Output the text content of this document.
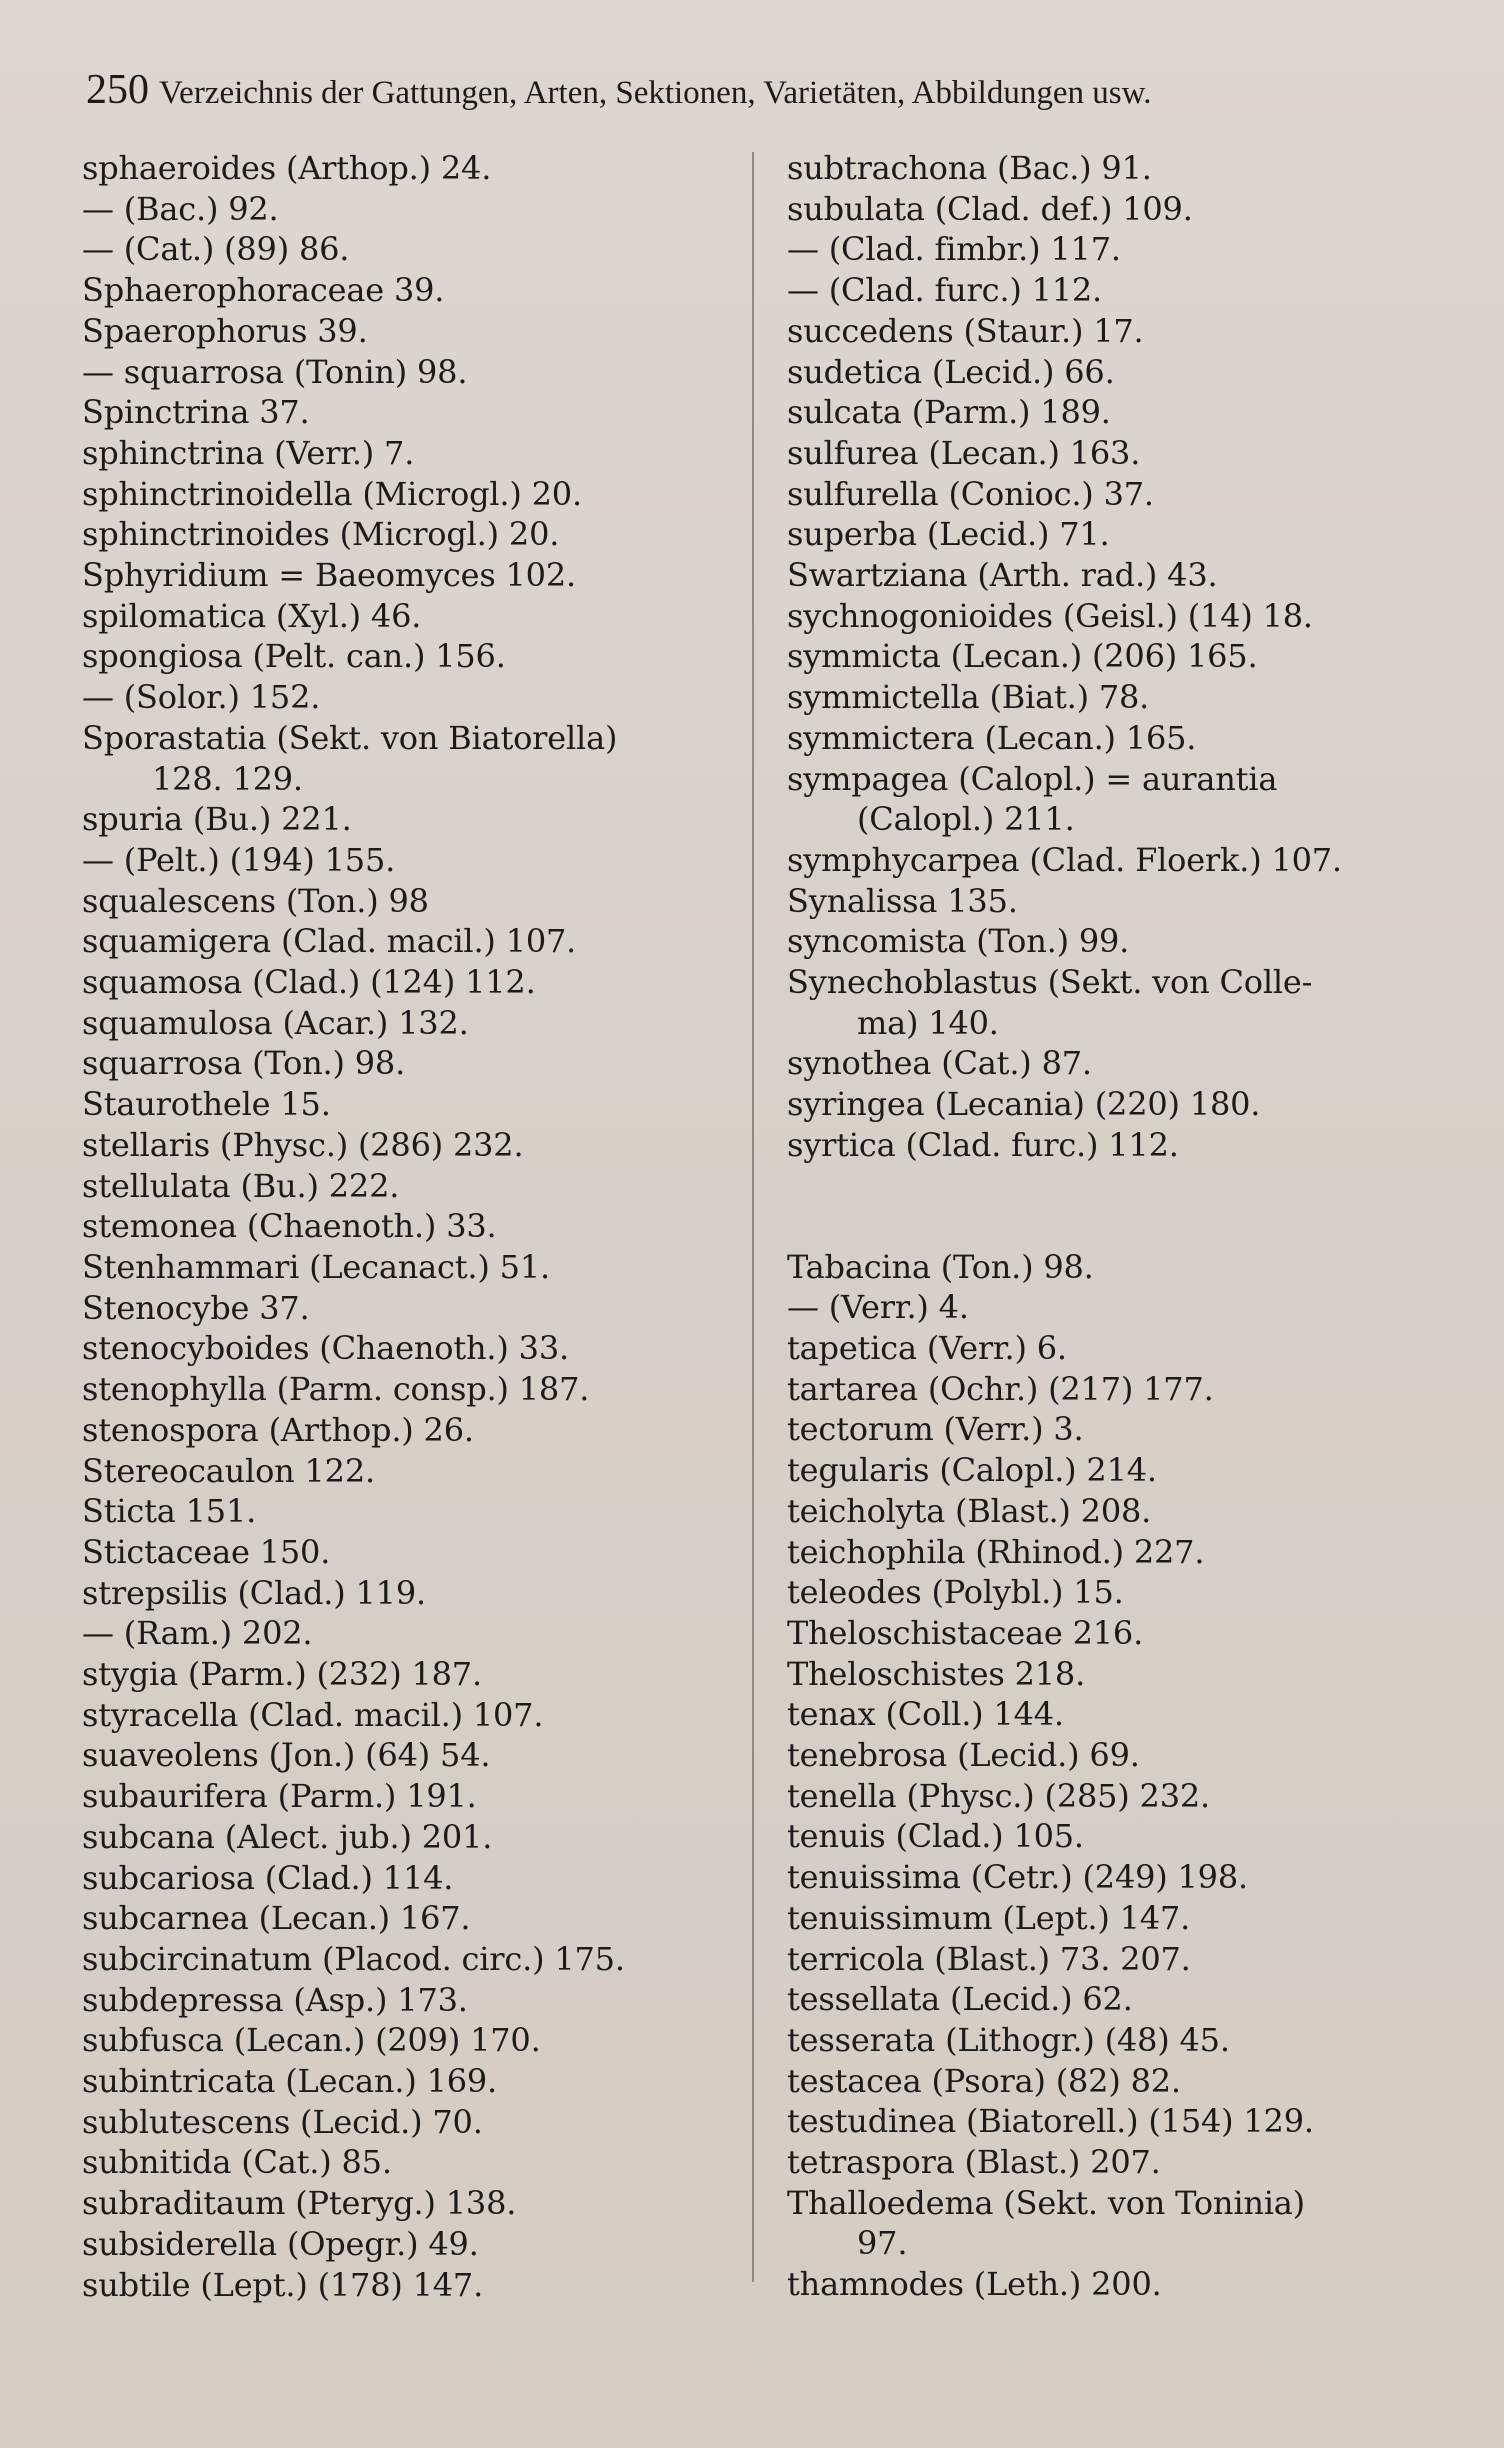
250 Verzeichnis der Gattungen, Arten, Sektionen, Varietäten, Abbildungen usw.
sphaeroides (Arthop.) 24.
— (Bac.) 92.
— (Cat.) (89) 86.
Sphaerophoraceae 39.
Spaerophorus 39.
— squarrosa (Tonin) 98.
Spinctrina 37.
sphinctrina (Verr.) 7.
sphinctrinoidella (Microgl.) 20.
sphinctrinoides (Microgl.) 20.
Sphyridium = Baeomyces 102.
spilomatica (Xyl.) 46.
spongiosa (Pelt. can.) 156.
— (Solor.) 152.
Sporastatia (Sekt. von Biatorella)
128. 129.
spuria (Bu.) 221.
— (Pelt.) (194) 155.
squalescens (Ton.) 98
squamigera (Clad. macil.) 107.
squamosa (Clad.) (124) 112.
squamulosa (Acar.) 132.
squarrosa (Ton.) 98.
Staurothele 15.
stellaris (Physc.) (286) 232.
stellulata (Bu.) 222.
stemonea (Chaenoth.) 33.
Stenhammari (Lecanact.) 51.
Stenocybe 37.
stenocyboides (Chaenoth.) 33.
stenophylla (Parm. consp.) 187.
stenospora (Arthop.) 26.
Stereocaulon 122.
Sticta 151.
Stictaceae 150.
strepsilis (Clad.) 119.
— (Ram.) 202.
stygia (Parm.) (232) 187.
styracella (Clad. macil.) 107.
suaveolens (Jon.) (64) 54.
subaurifera (Parm.) 191.
subcana (Alect. jub.) 201.
subcariosa (Clad.) 114.
subcarnea (Lecan.) 167.
subcircinatum (Placod. circ.) 175.
subdepressa (Asp.) 173.
subfusca (Lecan.) (209) 170.
subintricata (Lecan.) 169.
sublutescens (Lecid.) 70.
subnitida (Cat.) 85.
subraditaum (Pteryg.) 138.
subsiderella (Opegr.) 49.
subtile (Lept.) (178) 147.
subtrachona (Bac.) 91.
subulata (Clad. def.) 109.
— (Clad. fimbr.) 117.
— (Clad. furc.) 112.
succedens (Staur.) 17.
sudetica (Lecid.) 66.
sulcata (Parm.) 189.
sulfurea (Lecan.) 163.
sulfurella (Conioc.) 37.
superba (Lecid.) 71.
Swartziana (Arth. rad.) 43.
sychnogonioides (Geisl.) (14) 18.
symmicta (Lecan.) (206) 165.
symmictella (Biat.) 78.
symmictera (Lecan.) 165.
sympagea (Calopl.) = aurantia
(Calopl.) 211.
symphycarpea (Clad. Floerk.) 107.
Synalissa 135.
syncomista (Ton.) 99.
Synechoblastus (Sekt. von Colle-
ma) 140.
synothea (Cat.) 87.
syringea (Lecania) (220) 180.
syrtica (Clad. furc.) 112.
Tabacina (Ton.) 98.
— (Verr.) 4.
tapetica (Verr.) 6.
tartarea (Ochr.) (217) 177.
tectorum (Verr.) 3.
tegularis (Calopl.) 214.
teicholyta (Blast.) 208.
teichophila (Rhinod.) 227.
teleodes (Polybl.) 15.
Theloschistaceae 216.
Theloschistes 218.
tenax (Coll.) 144.
tenebrosa (Lecid.) 69.
tenella (Physc.) (285) 232.
tenuis (Clad.) 105.
tenuissima (Cetr.) (249) 198.
tenuissimum (Lept.) 147.
terricola (Blast.) 73. 207.
tessellata (Lecid.) 62.
tesserata (Lithogr.) (48) 45.
testacea (Psora) (82) 82.
testudinea (Biatorell.) (154) 129.
tetraspora (Blast.) 207.
Thalloedema (Sekt. von Toninia)
97.
thamnodes (Leth.) 200.
